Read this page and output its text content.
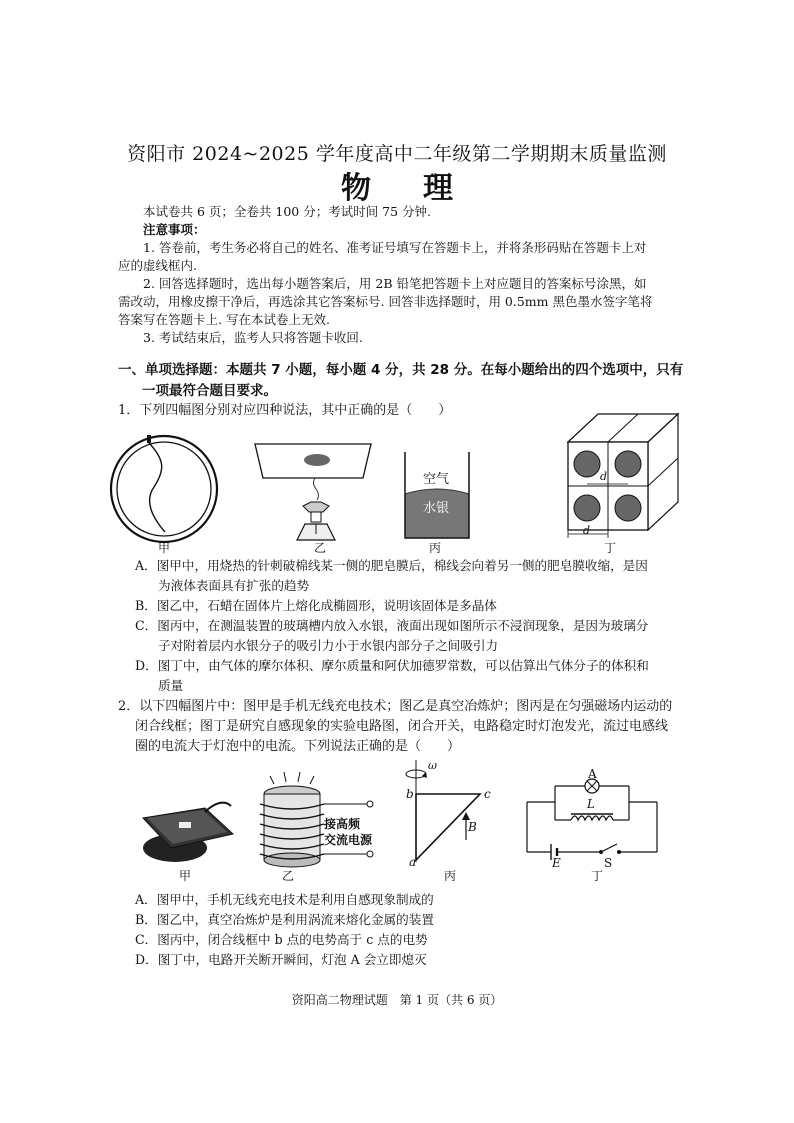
资阳市 2024~2025 学年度高中二年级第二学期期末质量监测
物理
本试卷共 6 页；全卷共 100 分；考试时间 75 分钟.
注意事项：
1. 答卷前，考生务必将自己的姓名、准考证号填写在答题卡上，并将条形码贴在答题卡上对
应的虚线框内.
2. 回答选择题时，选出每小题答案后，用 2B 铅笔把答题卡上对应题目的答案标号涂黑，如
需改动，用橡皮擦干净后，再选涂其它答案标号. 回答非选择题时，用 0.5mm 黑色墨水签字笔将
答案写在答题卡上. 写在本试卷上无效.
3. 考试结束后，监考人只将答题卡收回.
一、单项选择题：本题共 7 小题，每小题 4 分，共 28 分。在每小题给出的四个选项中，只有
一项最符合题目要求。
1．下列四幅图分别对应四种说法，其中正确的是（　　）
甲	乙
空气
水银
丙
d
d
丁
A．图甲中，用烧热的针刺破棉线某一侧的肥皂膜后，棉线会向着另一侧的肥皂膜收缩，是因
为液体表面具有扩张的趋势
B．图乙中，石蜡在固体片上熔化成椭圆形，说明该固体是多晶体
C．图丙中，在测温装置的玻璃槽内放入水银，液面出现如图所示不浸润现象，是因为玻璃分
子对附着层内水银分子的吸引力小于水银内部分子之间吸引力
D．图丁中，由气体的摩尔体积、摩尔质量和阿伏加德罗常数，可以估算出气体分子的体积和
质量
2．以下四幅图片中：图甲是手机无线充电技术；图乙是真空冶炼炉；图丙是在匀强磁场内运动的
闭合线框；图丁是研究自感现象的实验电路图，闭合开关，电路稳定时灯泡发光，流过电感线
圈的电流大于灯泡中的电流。下列说法正确的是（　　）
甲
接高频
交流电源
乙
ω
b	c
a
B
丙
A
L
E	S
丁
A．图甲中，手机无线充电技术是利用自感现象制成的
B．图乙中，真空冶炼炉是利用涡流来熔化金属的装置
C．图丙中，闭合线框中 b 点的电势高于 c 点的电势
D．图丁中，电路开关断开瞬间，灯泡 A 会立即熄灭
资阳高二物理试题　第 1 页（共 6 页）
